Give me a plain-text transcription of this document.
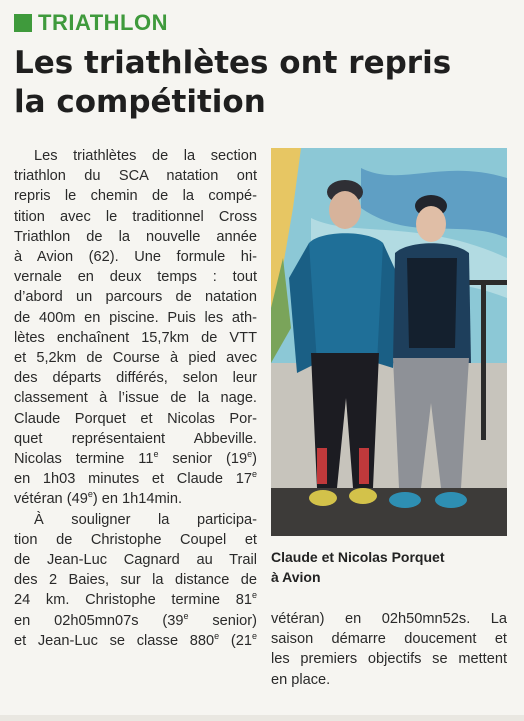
TRIATHLON
Les triathlètes ont repris
la compétition
Les triathlètes de la section
triathlon du SCA natation ont
repris le chemin de la compé-
tition avec le traditionnel Cross
Triathlon de la nouvelle année
à Avion (62). Une formule hi-
vernale en deux temps : tout
d’abord un parcours de natation
de 400m en piscine. Puis les ath-
lètes enchaînent 15,7km de VTT
et 5,2km de Course à pied avec
des départs différés, selon leur
classement à l’issue de la nage.
Claude Porquet et Nicolas Por-
quet représentaient Abbeville.
Nicolas termine 11e senior (19e)
en 1h03 minutes et Claude 17e
vétéran (49e) en 1h14min.
À souligner la participa-
tion de Christophe Coupel et
de Jean-Luc Cagnard au Trail
des 2 Baies, sur la distance de
24 km. Christophe termine 81e
en 02h05mn07s (39e senior)
et Jean-Luc se classe 880e (21e
Claude et Nicolas Porquet
à Avion
vétéran) en 02h50mn52s. La
saison démarre doucement et
les premiers objectifs se mettent
en place.
